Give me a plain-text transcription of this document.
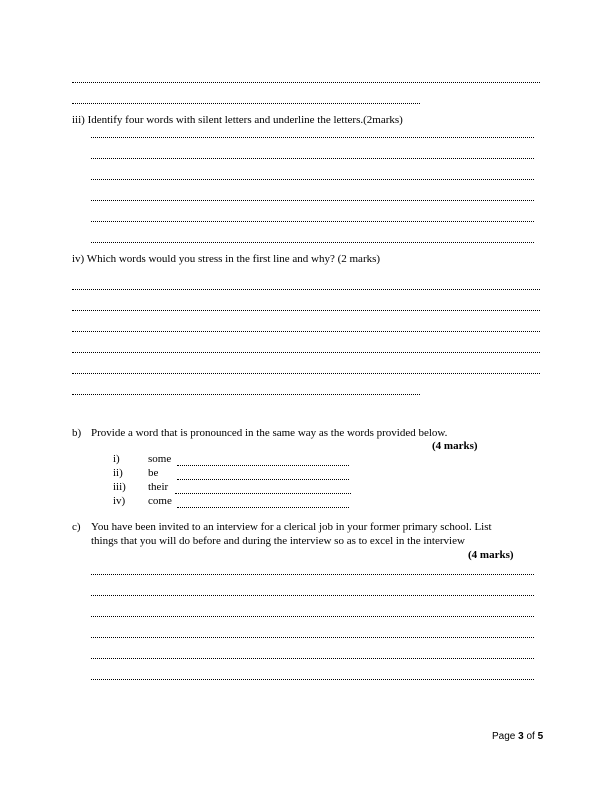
iii) Identify four words with silent letters and underline the letters.(2marks)
iv) Which words would you stress in the first line and why? (2 marks)
b) Provide a word that is pronounced in the same way as the words provided below.
(4 marks)
i)	some
ii) be
iii) their
iv) come
c) You have been invited to an interview for a clerical job in your former primary school. List
things that you will do before and during the interview so as to excel in the interview
(4 marks)
Page 3 of 5
